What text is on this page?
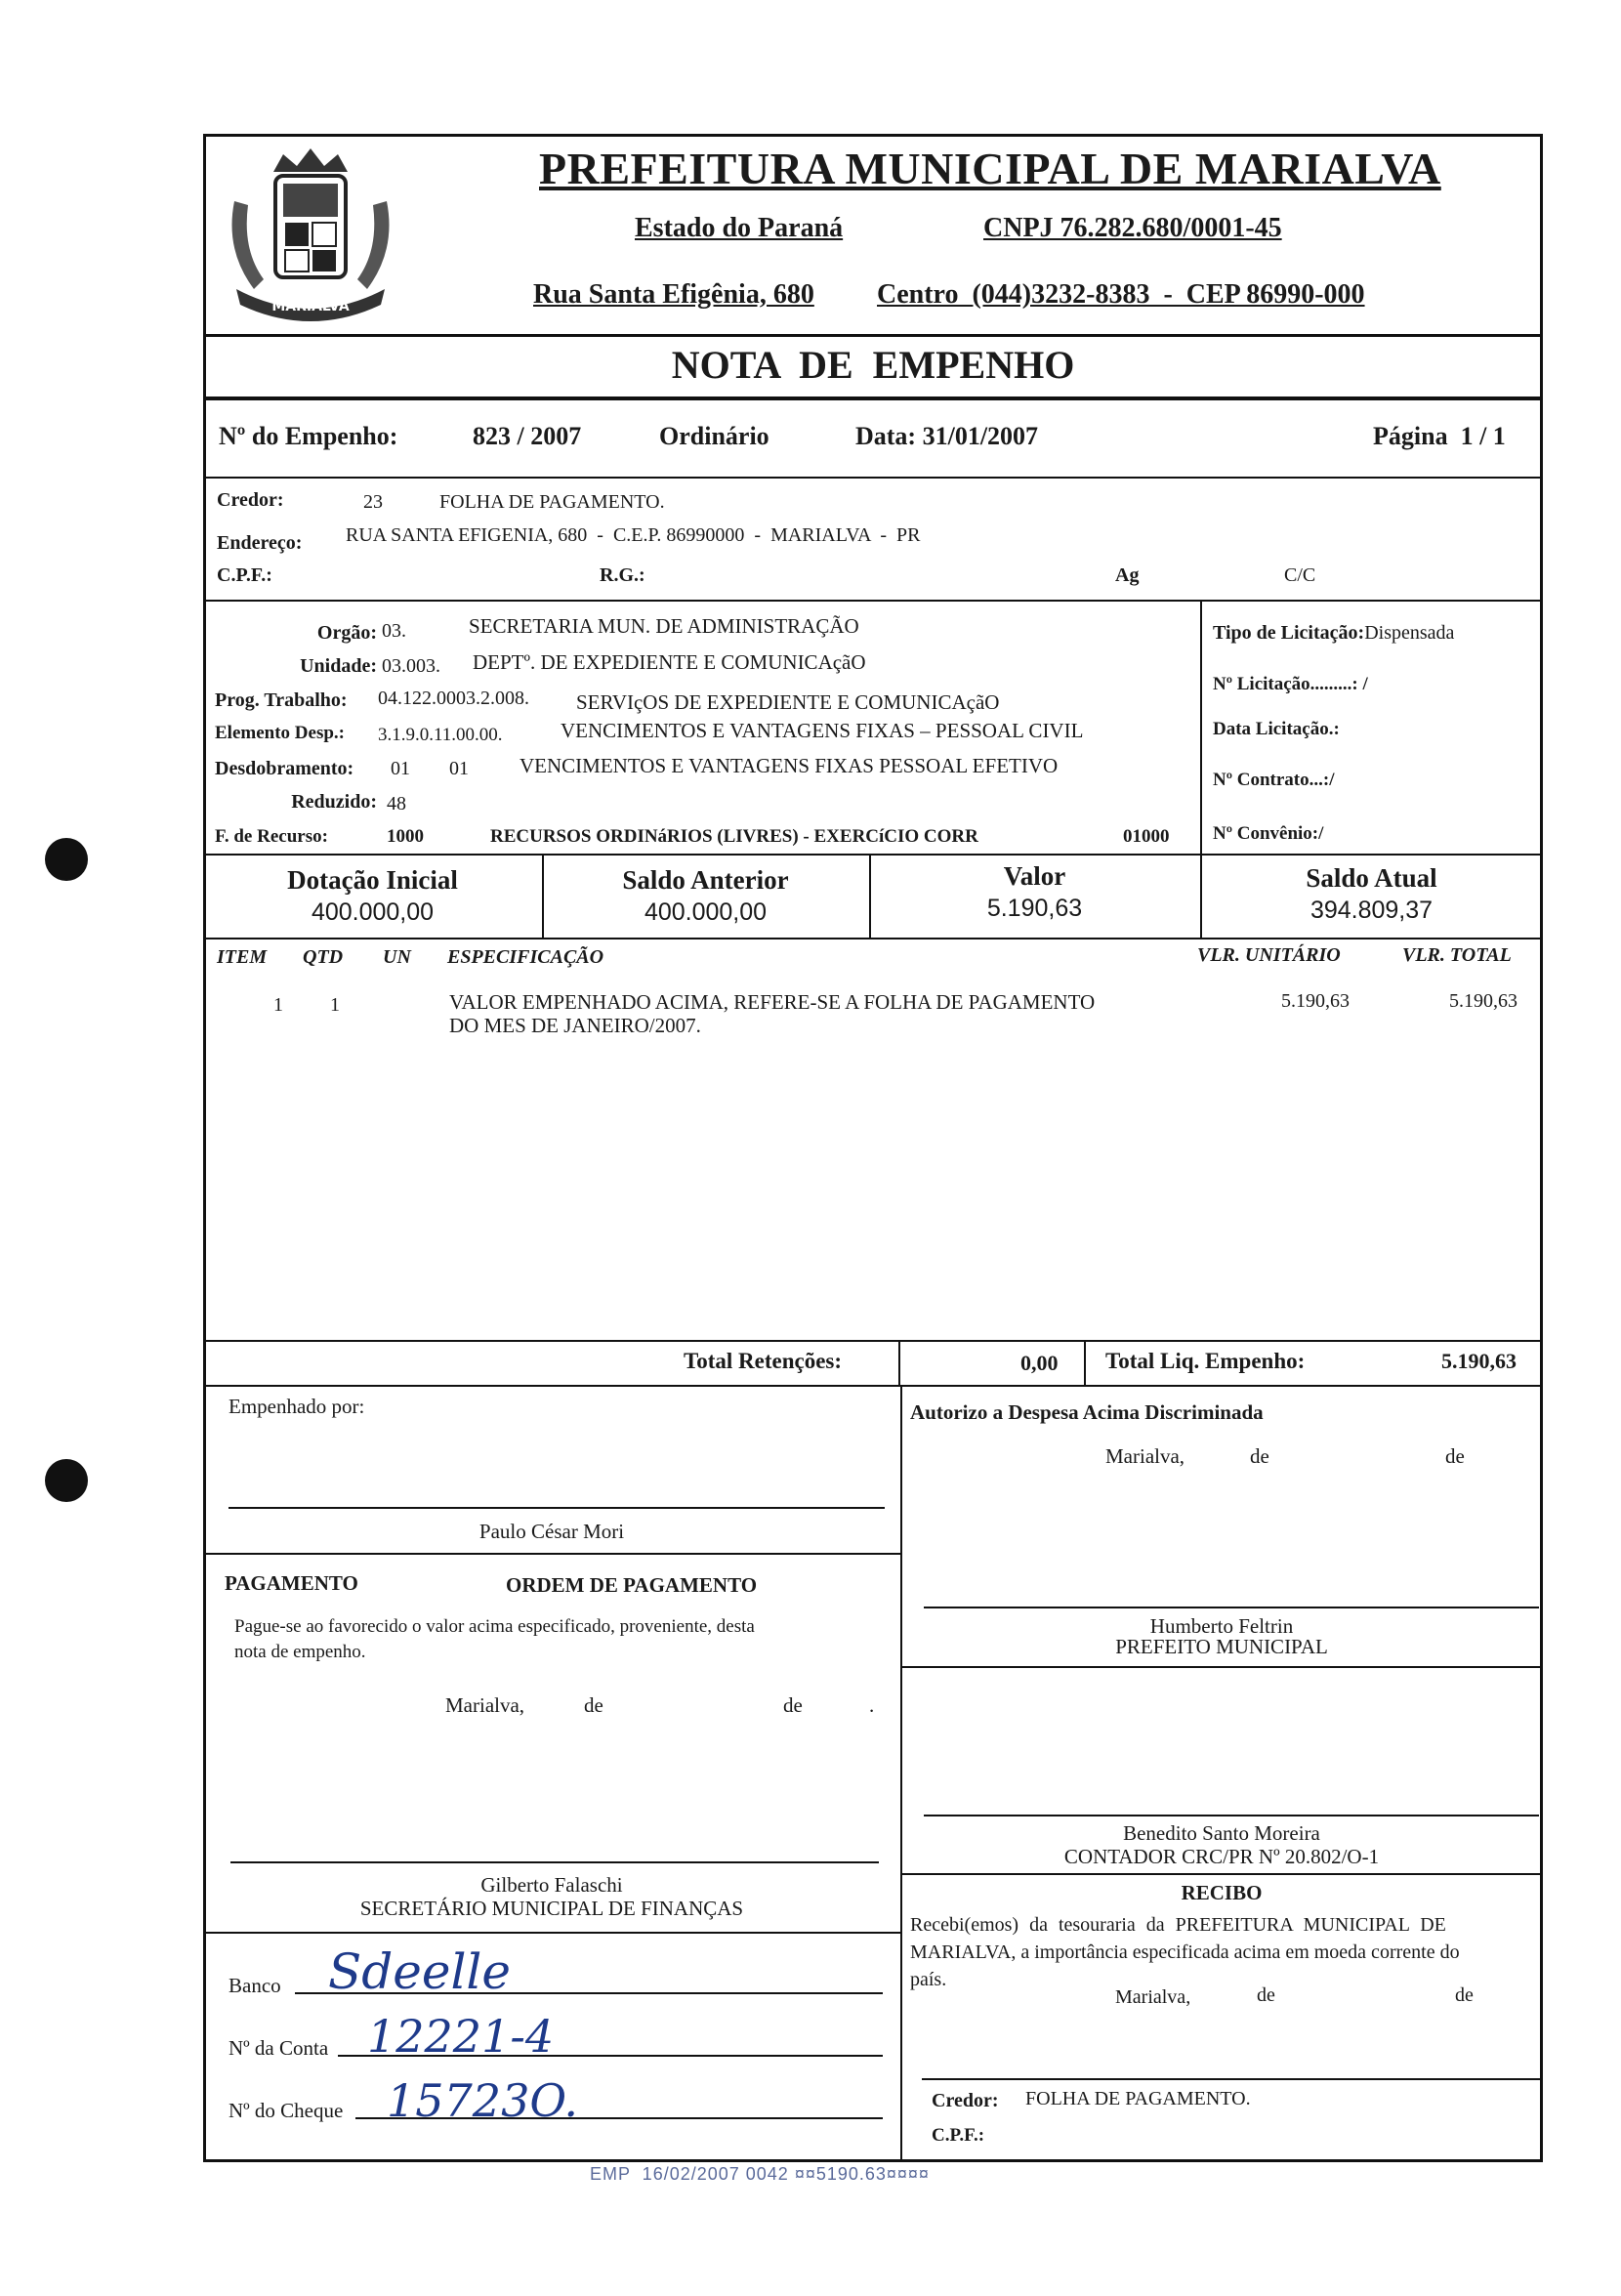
MARIALVA
PREFEITURA MUNICIPAL DE MARIALVA
Estado do Paraná	CNPJ 76.282.680/0001-45
Rua Santa Efigênia, 680 Centro  (044)3232-8383  -  CEP 86990-000
NOTA  DE  EMPENHO
Nº do Empenho:	823 / 2007	Ordinário	Data: 31/01/2007	Página  1 / 1
Credor:	23	FOLHA DE PAGAMENTO.
Endereço: RUA SANTA EFIGENIA, 680  -  C.E.P. 86990000  -  MARIALVA  -  PR
C.P.F.:	R.G.:	Ag	C/C
Orgão: 03.	SECRETARIA MUN. DE ADMINISTRAÇÃO
Unidade: 03.003. DEPTº. DE EXPEDIENTE E COMUNICAçãO
Prog. Trabalho: 04.122.0003.2.008. SERVIçOS DE EXPEDIENTE E COMUNICAçãO
Elemento Desp.: 3.1.9.0.11.00.00.	VENCIMENTOS E VANTAGENS FIXAS – PESSOAL CIVIL
Desdobramento: 01 01 VENCIMENTOS E VANTAGENS FIXAS PESSOAL EFETIVO
Reduzido: 48
F. de Recurso:	1000	RECURSOS ORDINáRIOS (LIVRES) - EXERCíCIO CORR	01000
Tipo de Licitação:Dispensada
Nº Licitação.........: /
Data Licitação.:
Nº Contrato...:/
Nº Convênio:/
Dotação Inicial
400.000,00
Saldo Anterior
400.000,00
Valor
5.190,63
Saldo Atual
394.809,37
ITEM QTD UN ESPECIFICAÇÃO	VLR. UNITÁRIO	VLR. TOTAL
1 1	VALOR EMPENHADO ACIMA, REFERE-SE A FOLHA DE PAGAMENTO
DO MES DE JANEIRO/2007.
5.190,63	5.190,63
Total Retenções:	0,00 Total Liq. Empenho:	5.190,63
Empenhado por:
Paulo César Mori
PAGAMENTO	ORDEM DE PAGAMENTO
Pague-se ao favorecido o valor acima especificado, proveniente, desta
nota de empenho.
Marialva,	de	de	.
Gilberto Falaschi
SECRETÁRIO MUNICIPAL DE FINANÇAS
Banco Sdeelle
Nº da Conta 12221-4
Nº do Cheque 15723O.
Autorizo a Despesa Acima Discriminada
Marialva,	de	de
Humberto Feltrin
PREFEITO MUNICIPAL
Benedito Santo Moreira
CONTADOR CRC/PR Nº 20.802/O-1
RECIBO
Recebi(emos) da tesouraria da PREFEITURA MUNICIPAL DE
MARIALVA, a importância especificada acima em moeda corrente do
país.
Marialva,	de	de
Credor: FOLHA DE PAGAMENTO.
C.P.F.:
EMP  16/02/2007 0042 ¤¤5190.63¤¤¤¤
